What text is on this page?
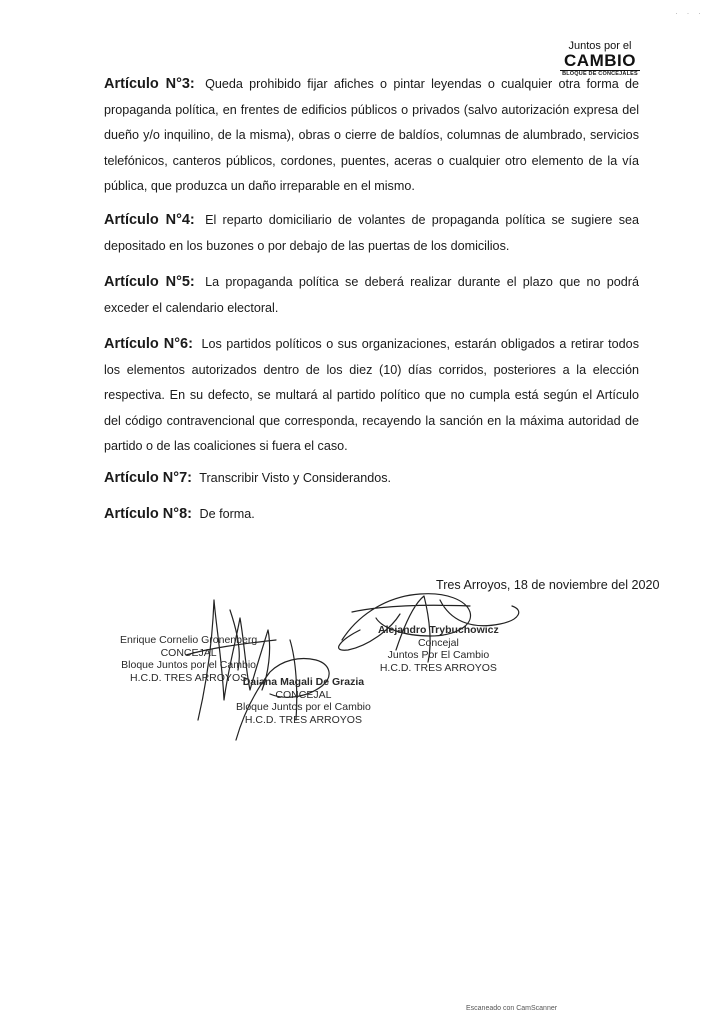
· · ·
Juntos por el
CAMBIO
BLOQUE DE CONCEJALES
Artículo N°3: Queda prohibido fijar afiches o pintar leyendas o cualquier otra forma de propaganda política, en frentes de edificios públicos o privados (salvo autorización expresa del dueño y/o inquilino, de la misma), obras o cierre de baldíos, columnas de alumbrado, servicios telefónicos, canteros públicos, cordones, puentes, aceras o cualquier otro elemento de la vía pública, que produzca un daño irreparable en el mismo.
Artículo N°4: El reparto domiciliario de volantes de propaganda política se sugiere sea depositado en los buzones o por debajo de las puertas de los domicilios.
Artículo N°5: La propaganda política se deberá realizar durante el plazo que no podrá exceder el calendario electoral.
Artículo N°6: Los partidos políticos o sus organizaciones, estarán obligados a retirar todos los elementos autorizados dentro de los diez (10) días corridos, posteriores a la elección respectiva. En su defecto, se multará al partido político que no cumpla está según el Artículo del código contravencional que corresponda, recayendo la sanción en la máxima autoridad de partido o de las coaliciones si fuera el caso.
Artículo N°7: Transcribir Visto y Considerandos.
Artículo N°8: De forma.
Tres Arroyos, 18 de noviembre del 2020
Enrique Cornelio Gronenberg
CONCEJAL
Bloque Juntos por el Cambio
H.C.D. TRES ARROYOS
Daiana Magali De Grazia
CONCEJAL
Bloque Juntos por el Cambio
H.C.D. TRES ARROYOS
Alejandro Trybuchowicz
Concejal
Juntos Por El Cambio
H.C.D. TRES ARROYOS
Escaneado con CamScanner
